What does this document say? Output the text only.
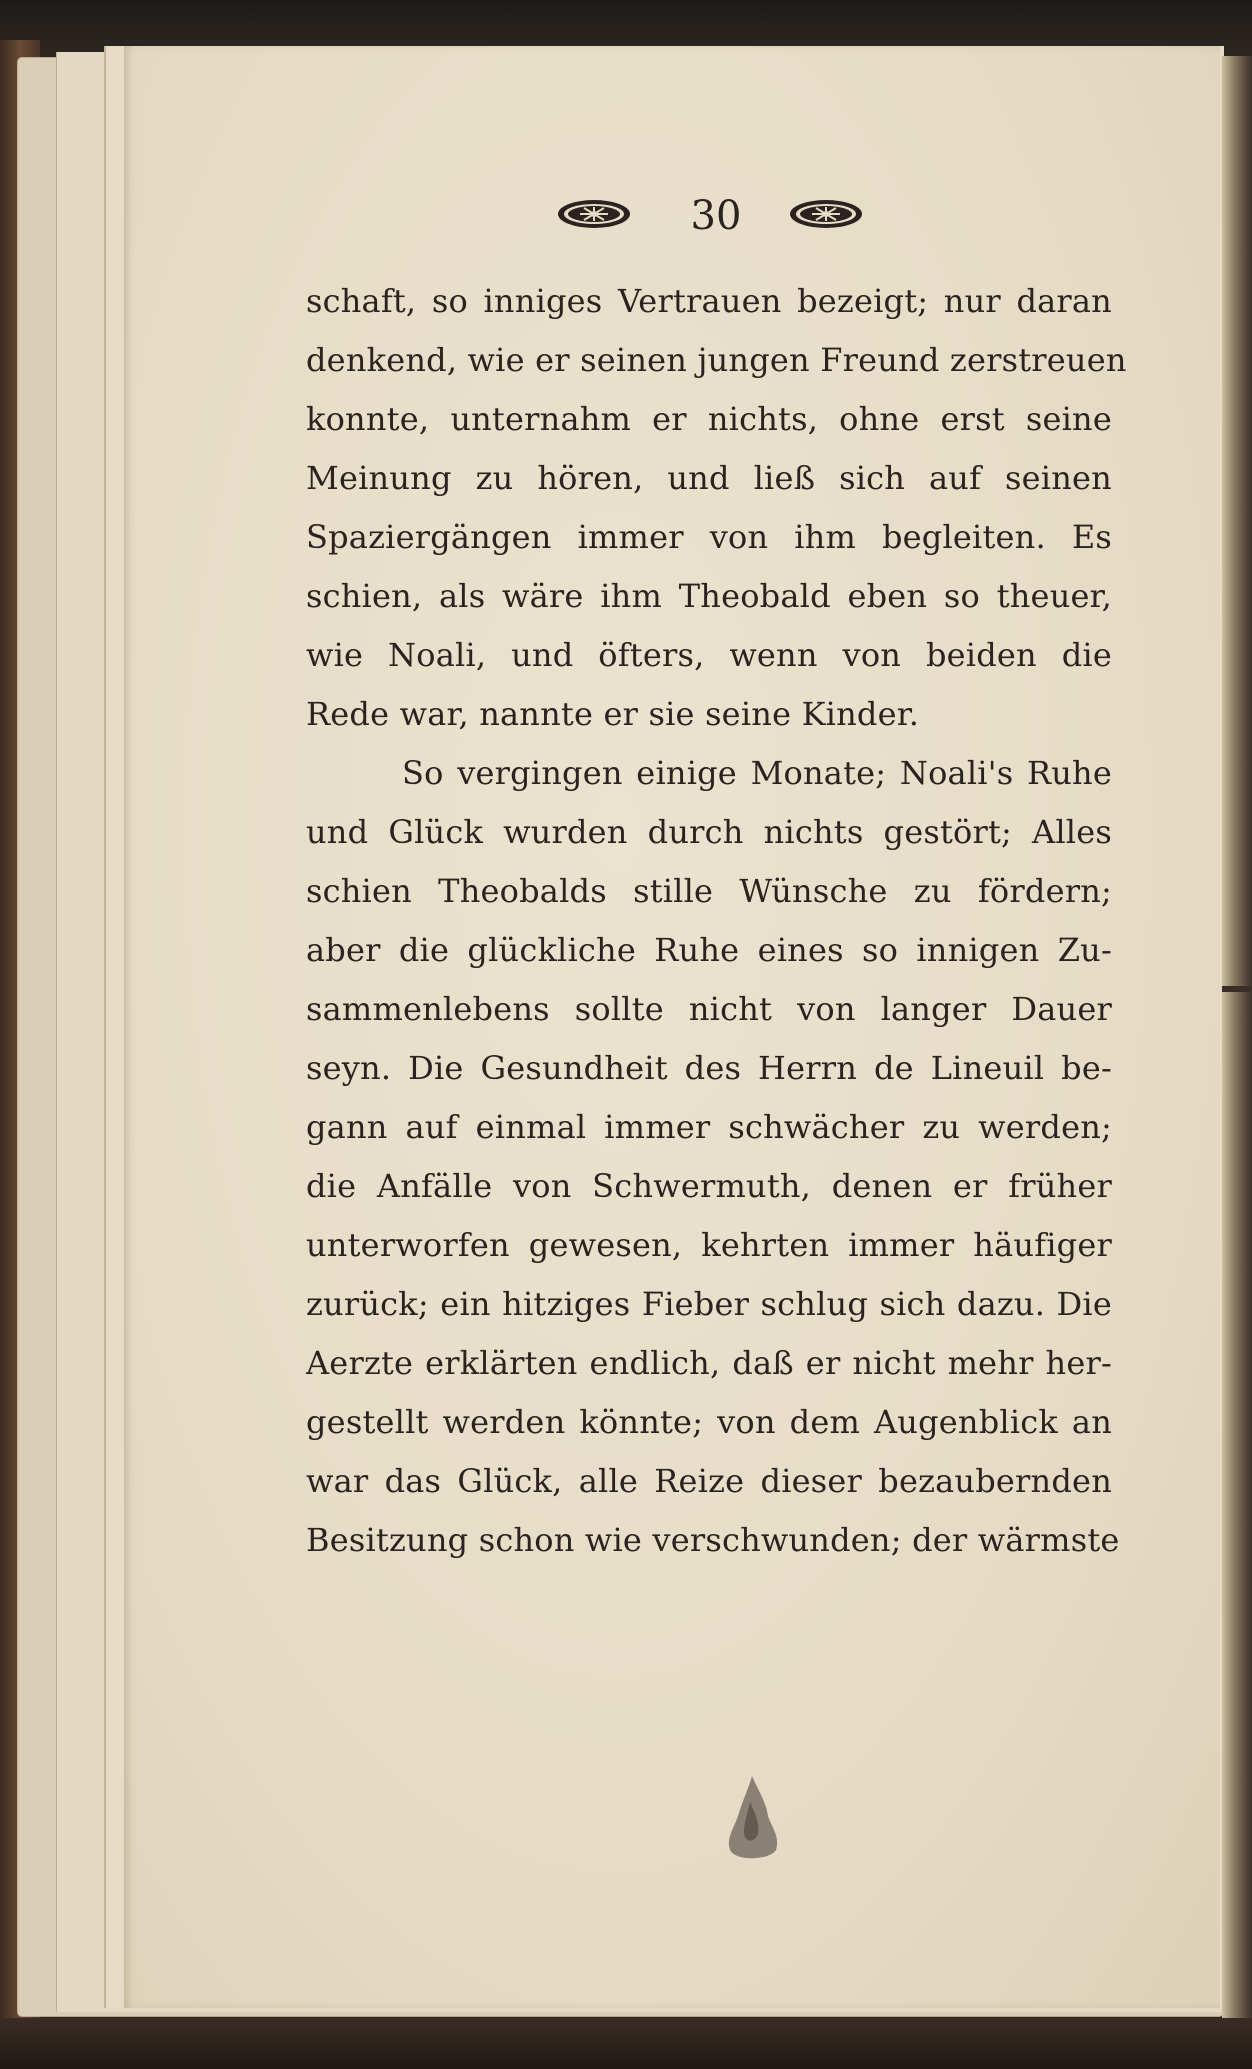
30
schaft, so inniges Vertrauen bezeigt; nur daran
denkend, wie er seinen jungen Freund zerstreuen
konnte, unternahm er nichts, ohne erst seine
Meinung zu hören, und ließ sich auf seinen
Spaziergängen immer von ihm begleiten. Es
schien, als wäre ihm Theobald eben so theuer,
wie Noali, und öfters, wenn von beiden die
Rede war, nannte er sie seine Kinder.
So vergingen einige Monate; Noali's Ruhe
und Glück wurden durch nichts gestört; Alles
schien Theobalds stille Wünsche zu fördern;
aber die glückliche Ruhe eines so innigen Zu-
sammenlebens sollte nicht von langer Dauer
seyn. Die Gesundheit des Herrn de Lineuil be-
gann auf einmal immer schwächer zu werden;
die Anfälle von Schwermuth, denen er früher
unterworfen gewesen, kehrten immer häufiger
zurück; ein hitziges Fieber schlug sich dazu. Die
Aerzte erklärten endlich, daß er nicht mehr her-
gestellt werden könnte; von dem Augenblick an
war das Glück, alle Reize dieser bezaubernden
Besitzung schon wie verschwunden; der wärmste
